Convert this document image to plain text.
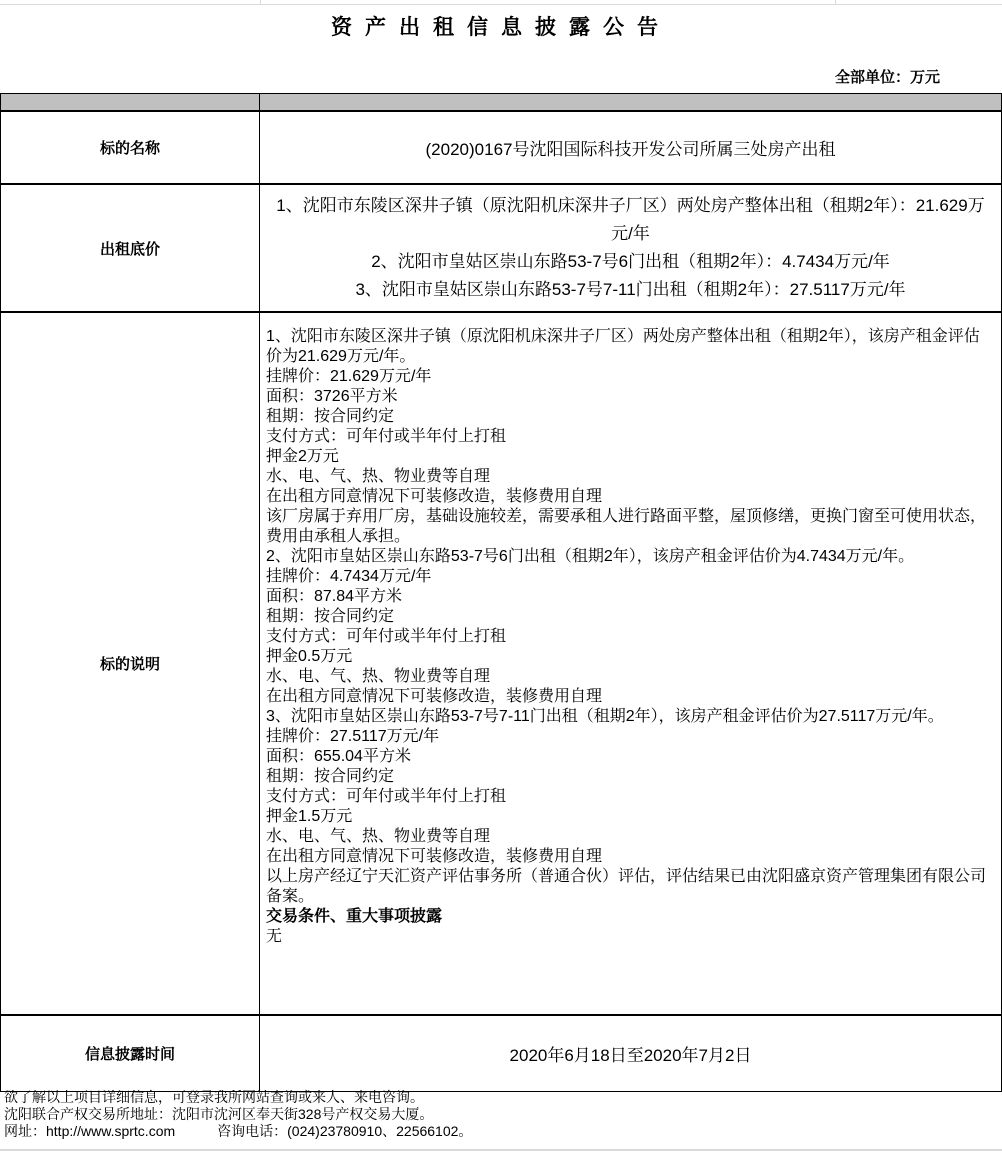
资产出租信息披露公告
全部单位：万元
标的名称	(2020)0167号沈阳国际科技开发公司所属三处房产出租
出租底价
1、沈阳市东陵区深井子镇（原沈阳机床深井子厂区）两处房产整体出租（租期2年）：21.629万元/年
2、沈阳市皇姑区崇山东路53-7号6门出租（租期2年）：4.7434万元/年
3、沈阳市皇姑区崇山东路53-7号7-11门出租（租期2年）：27.5117万元/年
标的说明
1、沈阳市东陵区深井子镇（原沈阳机床深井子厂区）两处房产整体出租（租期2年），该房产租金评估价为21.629万元/年。
挂牌价：21.629万元/年
面积：3726平方米
租期：按合同约定
支付方式：可年付或半年付上打租
押金2万元
水、电、气、热、物业费等自理
在出租方同意情况下可装修改造，装修费用自理
该厂房属于弃用厂房，基础设施较差，需要承租人进行路面平整，屋顶修缮，更换门窗至可使用状态，费用由承租人承担。
2、沈阳市皇姑区崇山东路53-7号6门出租（租期2年），该房产租金评估价为4.7434万元/年。
挂牌价：4.7434万元/年
面积：87.84平方米
租期：按合同约定
支付方式：可年付或半年付上打租
押金0.5万元
水、电、气、热、物业费等自理
在出租方同意情况下可装修改造，装修费用自理
3、沈阳市皇姑区崇山东路53-7号7-11门出租（租期2年），该房产租金评估价为27.5117万元/年。
挂牌价：27.5117万元/年
面积：655.04平方米
租期：按合同约定
支付方式：可年付或半年付上打租
押金1.5万元
水、电、气、热、物业费等自理
在出租方同意情况下可装修改造，装修费用自理
以上房产经辽宁天汇资产评估事务所（普通合伙）评估，评估结果已由沈阳盛京资产管理集团有限公司备案。
交易条件、重大事项披露
无
信息披露时间	2020年6月18日至2020年7月2日
欲了解以上项目详细信息，可登录我所网站查询或来人、来电咨询。
沈阳联合产权交易所地址：沈阳市沈河区奉天街328号产权交易大厦。
网址：http://www.sprtc.com　　　咨询电话：(024)23780910、22566102。
